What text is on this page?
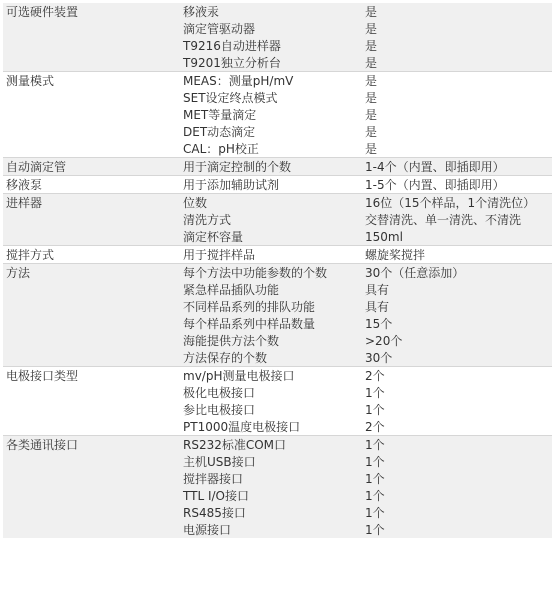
可选硬件装置	移液汞	是
	滴定管驱动器	是
	T9216自动进样器	是
	T9201独立分析台	是
测量模式	MEAS：测量pH/mV	是
	SET设定终点模式	是
	MET等量滴定	是
	DET动态滴定	是
	CAL：pH校正	是
自动滴定管	用于滴定控制的个数	1-4个（内置、即插即用）
移液泵	用于添加辅助试剂	1-5个（内置、即插即用）
进样器	位数	16位（15个样品，1个清洗位）
	清洗方式	交替清洗、单一清洗、不清洗
	滴定杯容量	150ml
搅拌方式	用于搅拌样品	螺旋桨搅拌
方法	每个方法中功能参数的个数	30个（任意添加）
	紧急样品插队功能	具有
	不同样品系列的排队功能	具有
	每个样品系列中样品数量	15个
	海能提供方法个数	>20个
	方法保存的个数	30个
电极接口类型	mv/pH测量电极接口	2个
	极化电极接口	1个
	参比电极接口	1个
	PT1000温度电极接口	2个
各类通讯接口	RS232标准COM口	1个
	主机USB接口	1个
	搅拌器接口	1个
	TTL I/O接口	1个
	RS485接口	1个
	电源接口	1个
